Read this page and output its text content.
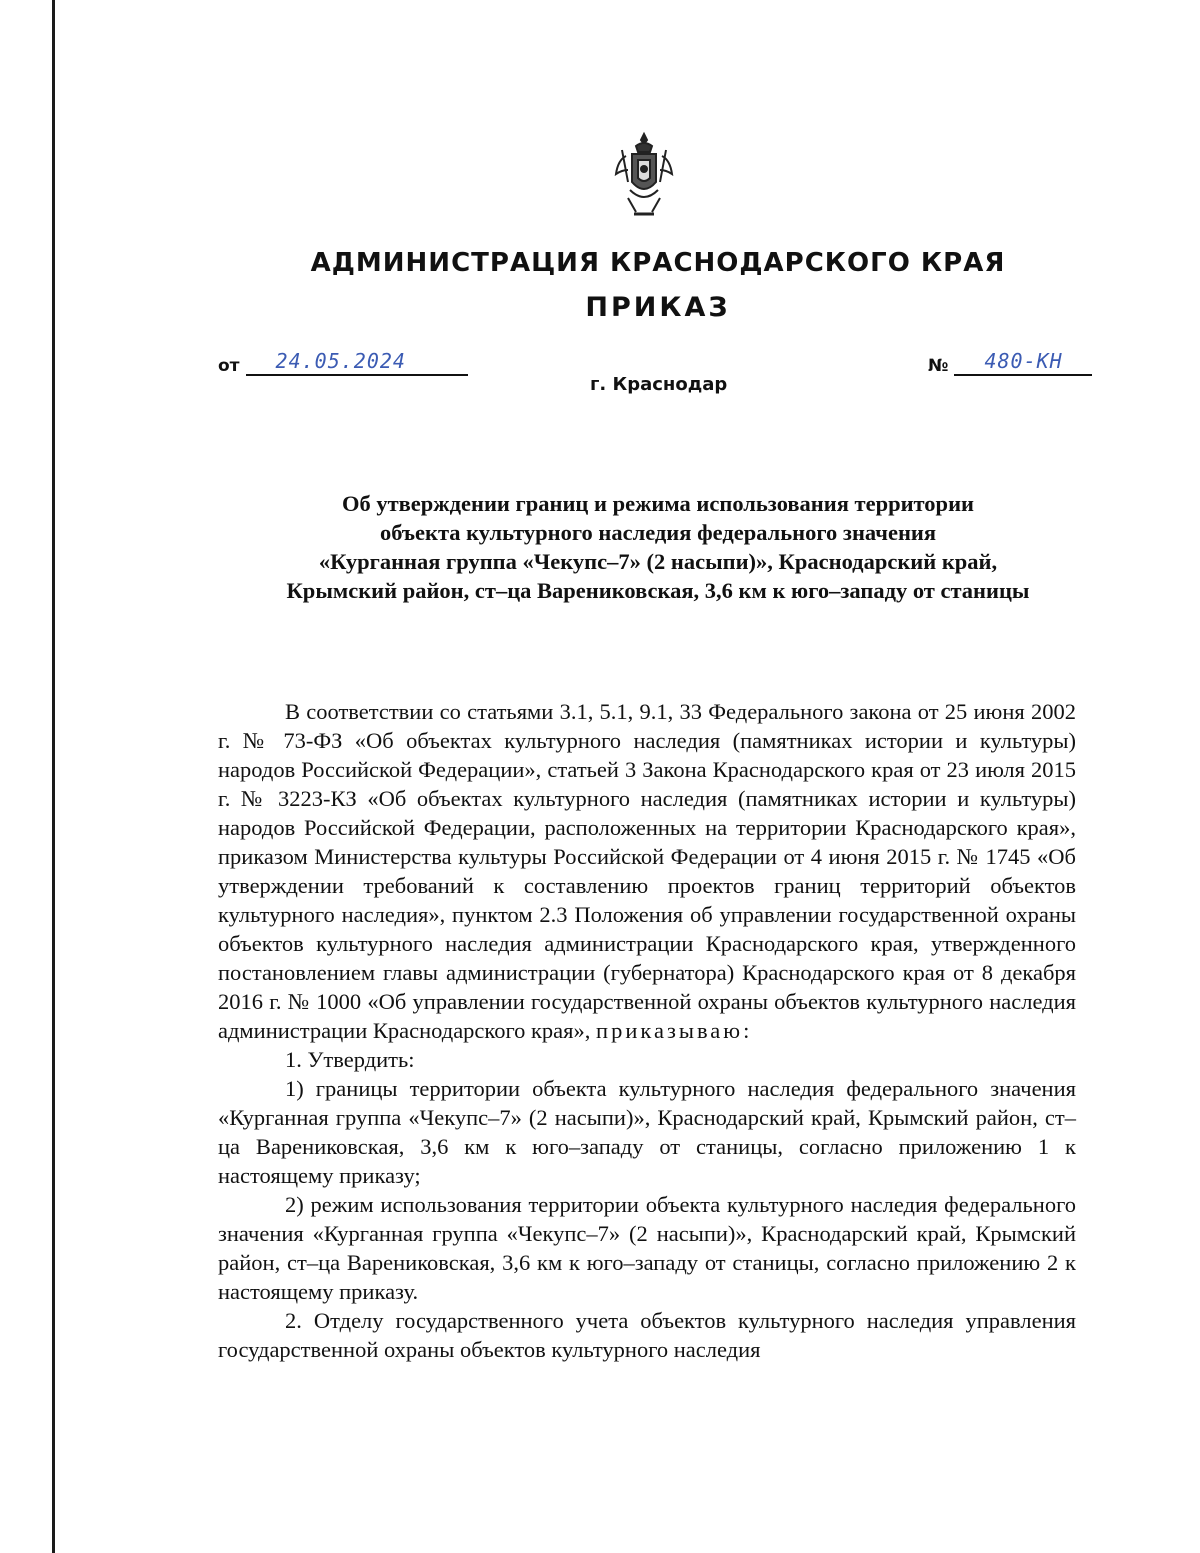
АДМИНИСТРАЦИЯ КРАСНОДАРСКОГО КРАЯ
ПРИКАЗ
от 24.05.2024	№ 480-КН
г. Краснодар
Об утверждении границ и режима использования территории
объекта культурного наследия федерального значения
«Курганная группа «Чекупс–7» (2 насыпи)», Краснодарский край,
Крымский район, ст–ца Варениковская, 3,6 км к юго–западу от станицы

В соответствии со статьями 3.1, 5.1, 9.1, 33 Федерального закона от 25 июня 2002 г. № 73-ФЗ «Об объектах культурного наследия (памятниках истории и культуры) народов Российской Федерации», статьей 3 Закона Краснодарского края от 23 июля 2015 г. № 3223-КЗ «Об объектах культурного наследия (памятниках истории и культуры) народов Российской Федерации, расположенных на территории Краснодарского края», приказом Министерства культуры Российской Федерации от 4 июня 2015 г. № 1745 «Об утверждении требований к составлению проектов границ территорий объектов культурного наследия», пунктом 2.3 Положения об управлении государственной охраны объектов культурного наследия администрации Краснодарского края, утвержденного постановлением главы администрации (губернатора) Краснодарского края от 8 декабря 2016 г. № 1000 «Об управлении государственной охраны объектов культурного наследия администрации Краснодарского края», приказываю:

1. Утвердить:

1) границы территории объекта культурного наследия федерального значения «Курганная группа «Чекупс–7» (2 насыпи)», Краснодарский край, Крымский район, ст–ца Варениковская, 3,6 км к юго–западу от станицы, согласно приложению 1 к настоящему приказу;

2) режим использования территории объекта культурного наследия федерального значения «Курганная группа «Чекупс–7» (2 насыпи)», Краснодарский край, Крымский район, ст–ца Варениковская, 3,6 км к юго–западу от станицы, согласно приложению 2 к настоящему приказу.

2. Отделу государственного учета объектов культурного наследия управления государственной охраны объектов культурного наследия
